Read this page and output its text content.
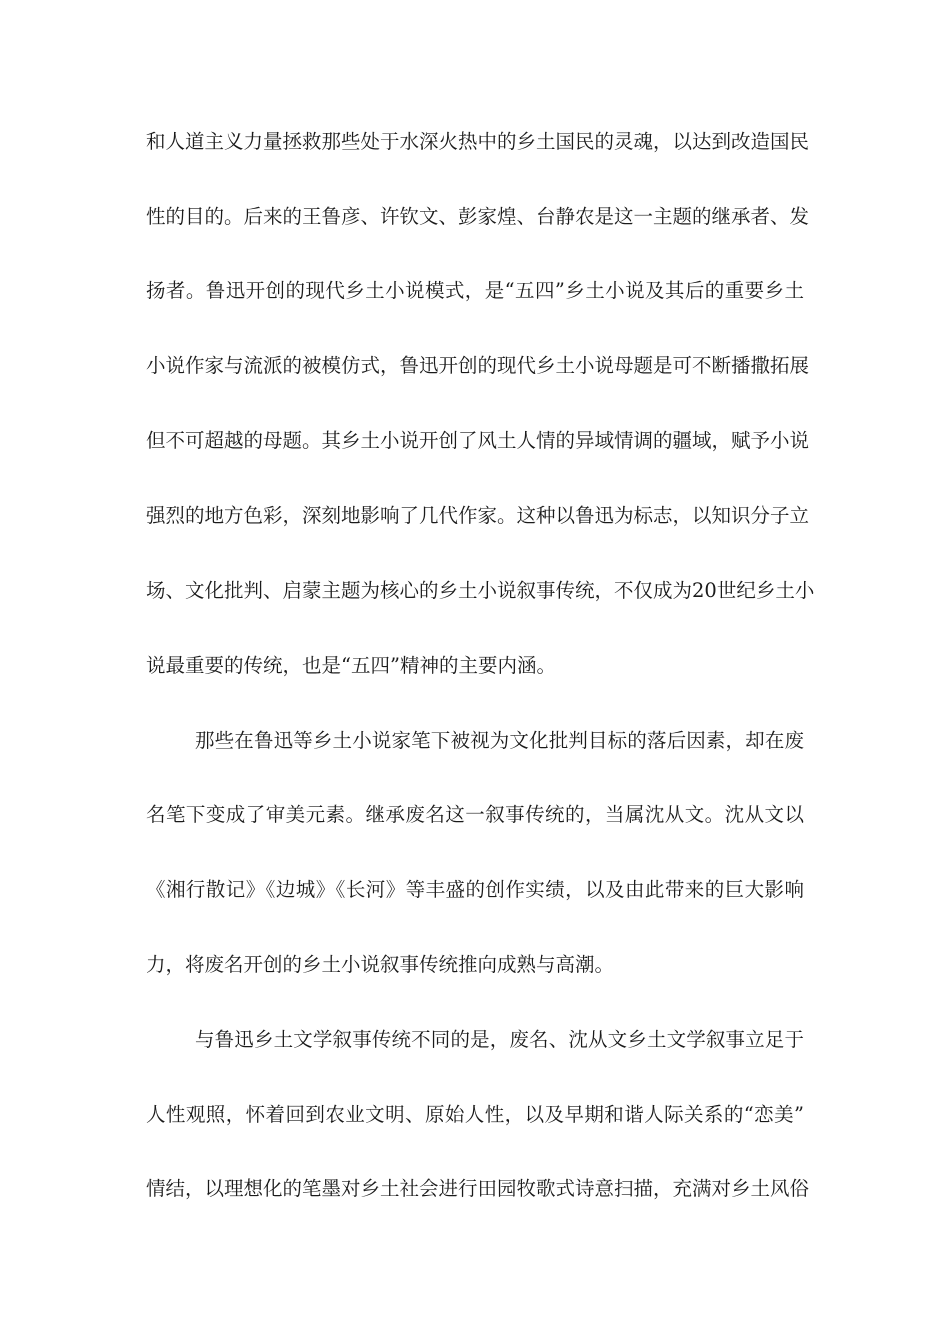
和人道主义力量拯救那些处于水深火热中的乡土国民的灵魂，以达到改造国民
性的目的。后来的王鲁彦、许钦文、彭家煌、台静农是这一主题的继承者、发
扬者。鲁迅开创的现代乡土小说模式，是“五四”乡土小说及其后的重要乡土
小说作家与流派的被模仿式，鲁迅开创的现代乡土小说母题是可不断播撒拓展
但不可超越的母题。其乡土小说开创了风土人情的异域情调的疆域，赋予小说
强烈的地方色彩，深刻地影响了几代作家。这种以鲁迅为标志，以知识分子立
场、文化批判、启蒙主题为核心的乡土小说叙事传统，不仅成为20世纪乡土小
说最重要的传统，也是“五四”精神的主要内涵。
那些在鲁迅等乡土小说家笔下被视为文化批判目标的落后因素，却在废
名笔下变成了审美元素。继承废名这一叙事传统的，当属沈从文。沈从文以
《湘行散记》《边城》《长河》等丰盛的创作实绩，以及由此带来的巨大影响
力，将废名开创的乡土小说叙事传统推向成熟与高潮。
与鲁迅乡土文学叙事传统不同的是，废名、沈从文乡土文学叙事立足于
人性观照，怀着回到农业文明、原始人性，以及早期和谐人际关系的“恋美”
情结，以理想化的笔墨对乡土社会进行田园牧歌式诗意扫描，充满对乡土风俗
